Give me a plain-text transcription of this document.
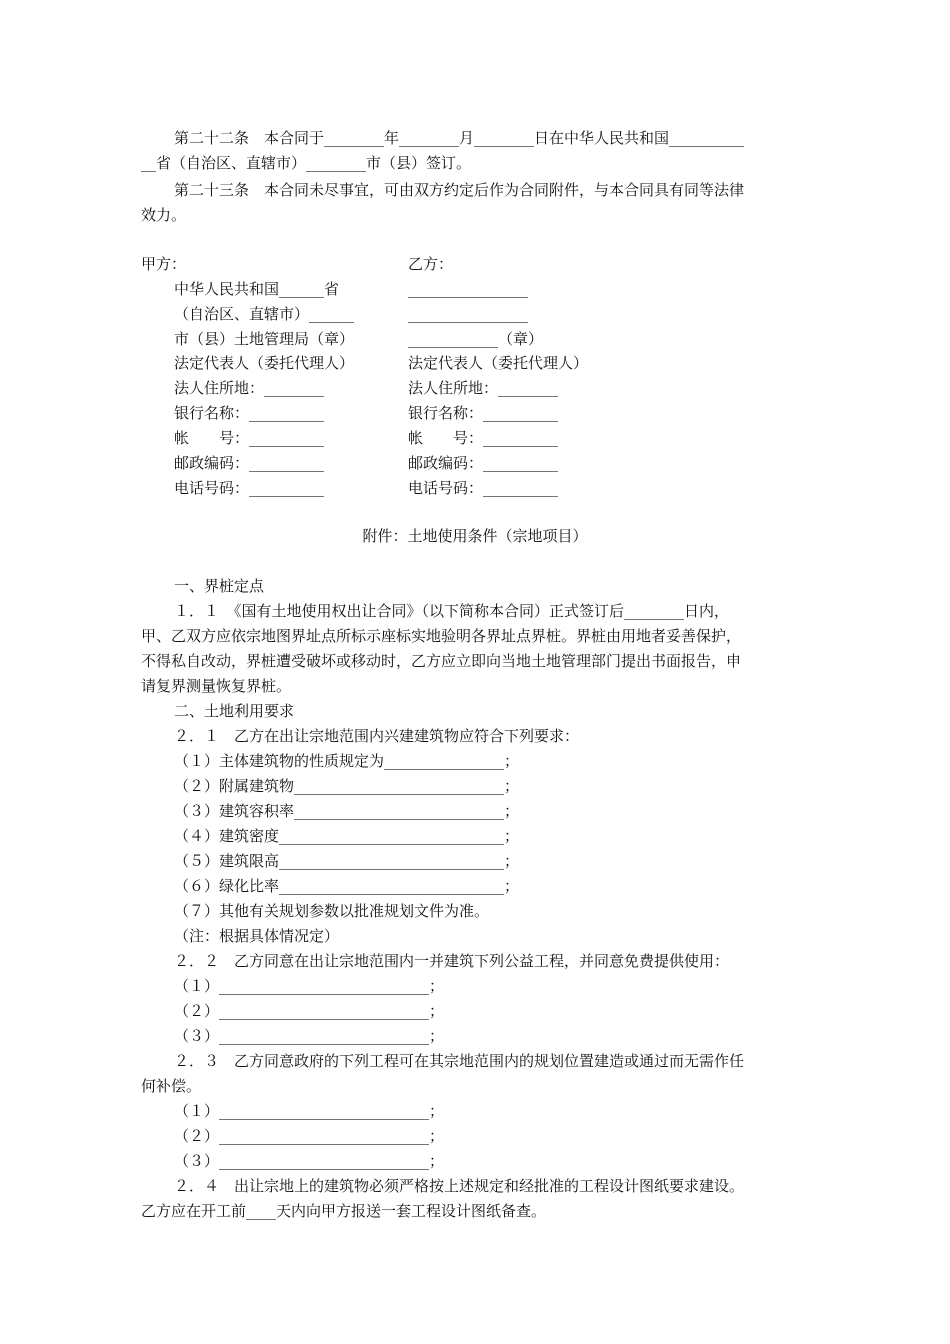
第二十二条　本合同于________年________月________日在中华人民共和国__________
__省（自治区、直辖市）________市（县）签订。
第二十三条　本合同未尽事宜，可由双方约定后作为合同附件，与本合同具有同等法律
效力。
甲方：	乙方：
中华人民共和国______省
（自治区、直辖市）______
市（县）土地管理局（章）
法定代表人（委托代理人）
法人住所地：________
银行名称：__________
帐　　号：__________
邮政编码：__________
电话号码：__________
________________
________________
____________（章）
法定代表人（委托代理人）
法人住所地：________
银行名称：__________
帐　　号：__________
邮政编码：__________
电话号码：__________
附件：土地使用条件（宗地项目）
一、界桩定点
１．１　《国有土地使用权出让合同》（以下简称本合同）正式签订后________日内，
甲、乙双方应依宗地图界址点所标示座标实地验明各界址点界桩。界桩由用地者妥善保护，
不得私自改动，界桩遭受破坏或移动时，乙方应立即向当地土地管理部门提出书面报告，申
请复界测量恢复界桩。
二、土地利用要求
２．１　乙方在出让宗地范围内兴建建筑物应符合下列要求：
（１）主体建筑物的性质规定为________________；
（２）附属建筑物____________________________；
（３）建筑容积率____________________________；
（４）建筑密度______________________________；
（５）建筑限高______________________________；
（６）绿化比率______________________________；
（７）其他有关规划参数以批准规划文件为准。
（注：根据具体情况定）
２．２　乙方同意在出让宗地范围内一并建筑下列公益工程，并同意免费提供使用：
（１）____________________________；
（２）____________________________；
（３）____________________________；
２．３　乙方同意政府的下列工程可在其宗地范围内的规划位置建造或通过而无需作任
何补偿。
（１）____________________________；
（２）____________________________；
（３）____________________________；
２．４　出让宗地上的建筑物必须严格按上述规定和经批准的工程设计图纸要求建设。
乙方应在开工前____天内向甲方报送一套工程设计图纸备查。
